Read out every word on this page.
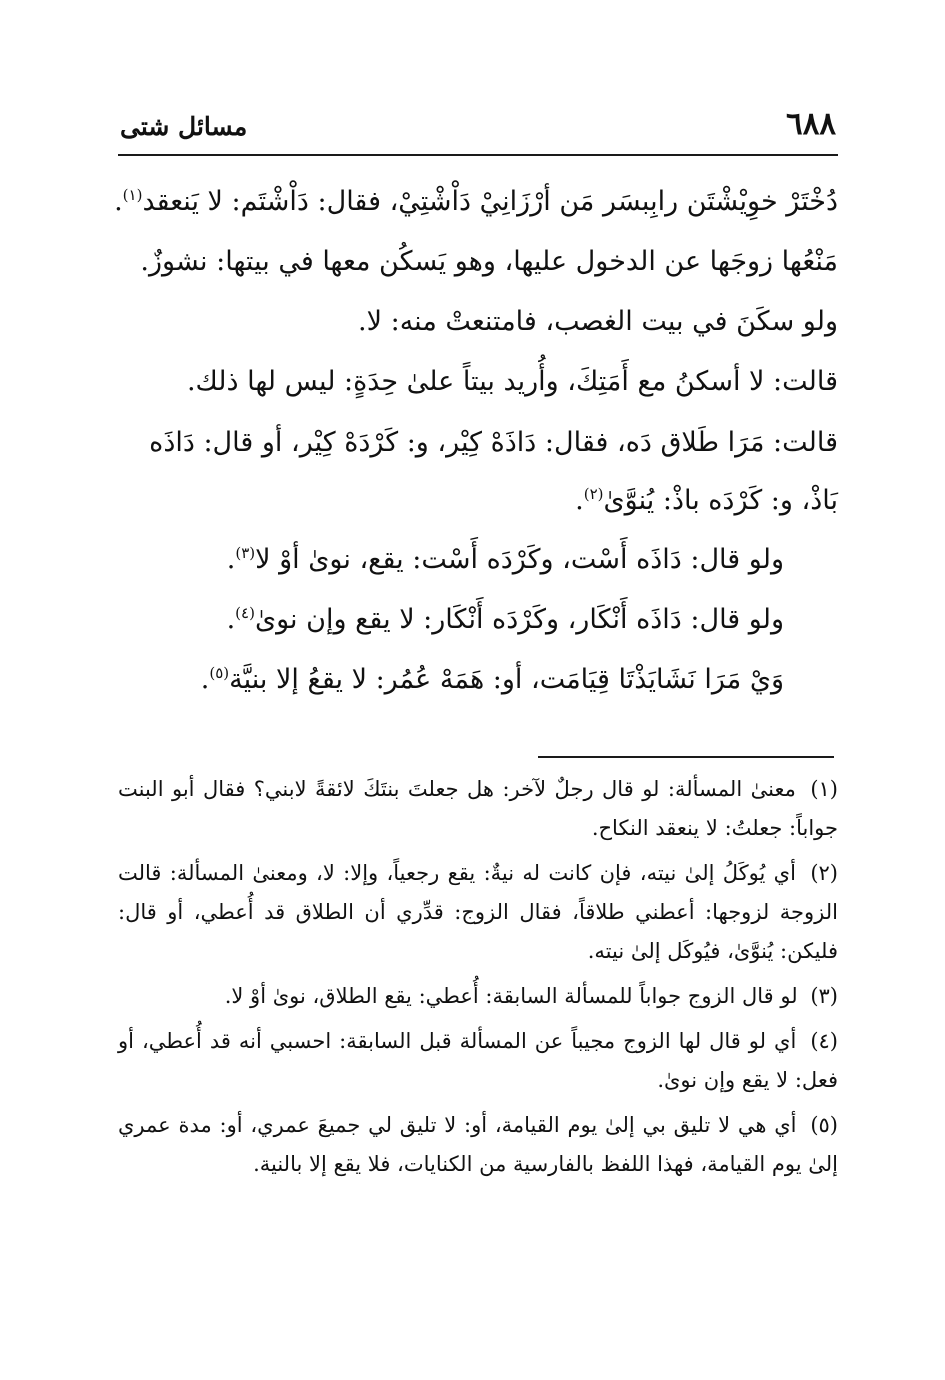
مسائل شتى	٦٨٨
دُخْتَرْ خوِيْشْتَن رابِبسَر مَن أرْزَانِيْ دَاْشْتِيْ، فقال: دَاْشْتَم: لا يَنعقد$^{(١)}$.
مَنْعُها زوجَها عن الدخول عليها، وهو يَسكُن معها في بيتها: نشوزٌ.
ولو سكَنَ في بيت الغصب، فامتنعتْ منه: لا.
قالت: لا أسكنُ مع أَمَتِكَ، وأُريد بيتاً علىٰ حِدَةٍ: ليس لها ذلك.
قالت: مَرَا طَلاق دَه، فقال: دَاذَهْ كِيْر، و: كَرْدَهْ كِيْر، أو قال: دَاذَه بَاذْ، و: كَرْدَه باذْ: يُنوَّىٰ$^{(٢)}$.
ولو قال: دَاذَه أَسْت، وكَرْدَه أَسْت: يقع، نوىٰ أوْ لا$^{(٣)}$.
ولو قال: دَاذَه أَنْكَار، وكَرْدَه أَنْكَار: لا يقع وإن نوىٰ$^{(٤)}$.
وَيْ مَرَا نَشَايَذْتَا قِيَامَت، أو: هَمَهْ عُمُر: لا يقعُ إلا بنيَّة$^{(٥)}$.
(١) معنىٰ المسألة: لو قال رجلٌ لآخر: هل جعلتَ بنتَكَ لائقةً لابني؟ فقال أبو البنت جواباً: جعلتُ: لا ينعقد النكاح.
(٢) أي يُوكَلُ إلىٰ نيته، فإن كانت له نيةٌ: يقع رجعياً، وإلا: لا، ومعنىٰ المسألة: قالت الزوجة لزوجها: أعطني طلاقاً، فقال الزوج: قدِّري أن الطلاق قد أُعطي، أو قال: فليكن: يُنوَّىٰ، فيُوكَل إلىٰ نيته.
(٣) لو قال الزوج جواباً للمسألة السابقة: أُعطي: يقع الطلاق، نوىٰ أوْ لا.
(٤) أي لو قال لها الزوج مجيباً عن المسألة قبل السابقة: احسبي أنه قد أُعطي، أو فعل: لا يقع وإن نوىٰ.
(٥) أي هي لا تليق بي إلىٰ يوم القيامة، أو: لا تليق لي جميعَ عمري، أو: مدة عمري إلىٰ يوم القيامة، فهذا اللفظ بالفارسية من الكنايات، فلا يقع إلا بالنية.
